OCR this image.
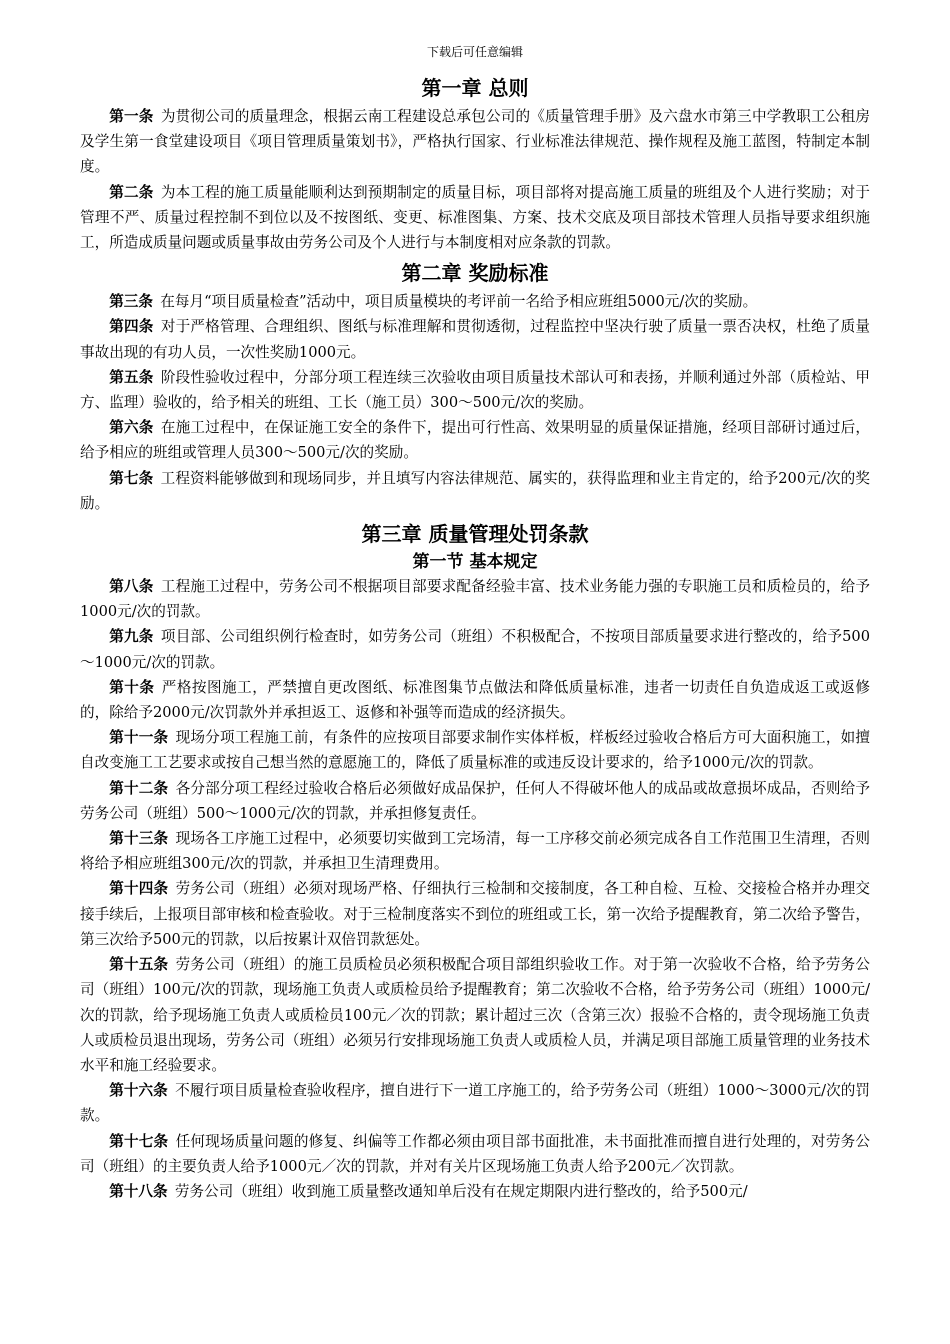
下载后可任意编辑
第一章 总则

第一条 为贯彻公司的质量理念，根据云南工程建设总承包公司的《质量管理手册》及六盘水市第三中学教职工公租房及学生第一食堂建设项目《项目管理质量策划书》，严格执行国家、行业标准法律规范、操作规程及施工蓝图，特制定本制度。

第二条 为本工程的施工质量能顺利达到预期制定的质量目标，项目部将对提高施工质量的班组及个人进行奖励；对于管理不严、质量过程控制不到位以及不按图纸、变更、标准图集、方案、技术交底及项目部技术管理人员指导要求组织施工，所造成质量问题或质量事故由劳务公司及个人进行与本制度相对应条款的罚款。

第二章 奖励标准

第三条 在每月“项目质量检查”活动中，项目质量模块的考评前一名给予相应班组5000元/次的奖励。

第四条 对于严格管理、合理组织、图纸与标准理解和贯彻透彻，过程监控中坚决行驶了质量一票否决权，杜绝了质量事故出现的有功人员，一次性奖励1000元。

第五条 阶段性验收过程中，分部分项工程连续三次验收由项目质量技术部认可和表扬，并顺利通过外部（质检站、甲方、监理）验收的，给予相关的班组、工长（施工员）300～500元/次的奖励。

第六条 在施工过程中，在保证施工安全的条件下，提出可行性高、效果明显的质量保证措施，经项目部研讨通过后，给予相应的班组或管理人员300～500元/次的奖励。

第七条 工程资料能够做到和现场同步，并且填写内容法律规范、属实的，获得监理和业主肯定的，给予200元/次的奖励。

第三章 质量管理处罚条款
第一节 基本规定

第八条 工程施工过程中，劳务公司不根据项目部要求配备经验丰富、技术业务能力强的专职施工员和质检员的，给予1000元/次的罚款。

第九条 项目部、公司组织例行检查时，如劳务公司（班组）不积极配合，不按项目部质量要求进行整改的，给予500～1000元/次的罚款。

第十条 严格按图施工，严禁擅自更改图纸、标准图集节点做法和降低质量标准，违者一切责任自负造成返工或返修的，除给予2000元/次罚款外并承担返工、返修和补强等而造成的经济损失。

第十一条 现场分项工程施工前，有条件的应按项目部要求制作实体样板，样板经过验收合格后方可大面积施工，如擅自改变施工工艺要求或按自己想当然的意愿施工的，降低了质量标准的或违反设计要求的，给予1000元/次的罚款。

第十二条 各分部分项工程经过验收合格后必须做好成品保护，任何人不得破坏他人的成品或故意损坏成品，否则给予劳务公司（班组）500～1000元/次的罚款，并承担修复责任。

第十三条 现场各工序施工过程中，必须要切实做到工完场清，每一工序移交前必须完成各自工作范围卫生清理，否则将给予相应班组300元/次的罚款，并承担卫生清理费用。

第十四条 劳务公司（班组）必须对现场严格、仔细执行三检制和交接制度，各工种自检、互检、交接检合格并办理交接手续后，上报项目部审核和检查验收。对于三检制度落实不到位的班组或工长，第一次给予提醒教育，第二次给予警告，第三次给予500元的罚款，以后按累计双倍罚款惩处。

第十五条 劳务公司（班组）的施工员质检员必须积极配合项目部组织验收工作。对于第一次验收不合格，给予劳务公司（班组）100元/次的罚款，现场施工负责人或质检员给予提醒教育；第二次验收不合格，给予劳务公司（班组）1000元/次的罚款，给予现场施工负责人或质检员100元／次的罚款；累计超过三次（含第三次）报验不合格的，责令现场施工负责人或质检员退出现场，劳务公司（班组）必须另行安排现场施工负责人或质检人员，并满足项目部施工质量管理的业务技术水平和施工经验要求。

第十六条 不履行项目质量检查验收程序，擅自进行下一道工序施工的，给予劳务公司（班组）1000～3000元/次的罚款。

第十七条 任何现场质量问题的修复、纠偏等工作都必须由项目部书面批准，未书面批准而擅自进行处理的，对劳务公司（班组）的主要负责人给予1000元／次的罚款，并对有关片区现场施工负责人给予200元／次罚款。

第十八条 劳务公司（班组）收到施工质量整改通知单后没有在规定期限内进行整改的，给予500元/
